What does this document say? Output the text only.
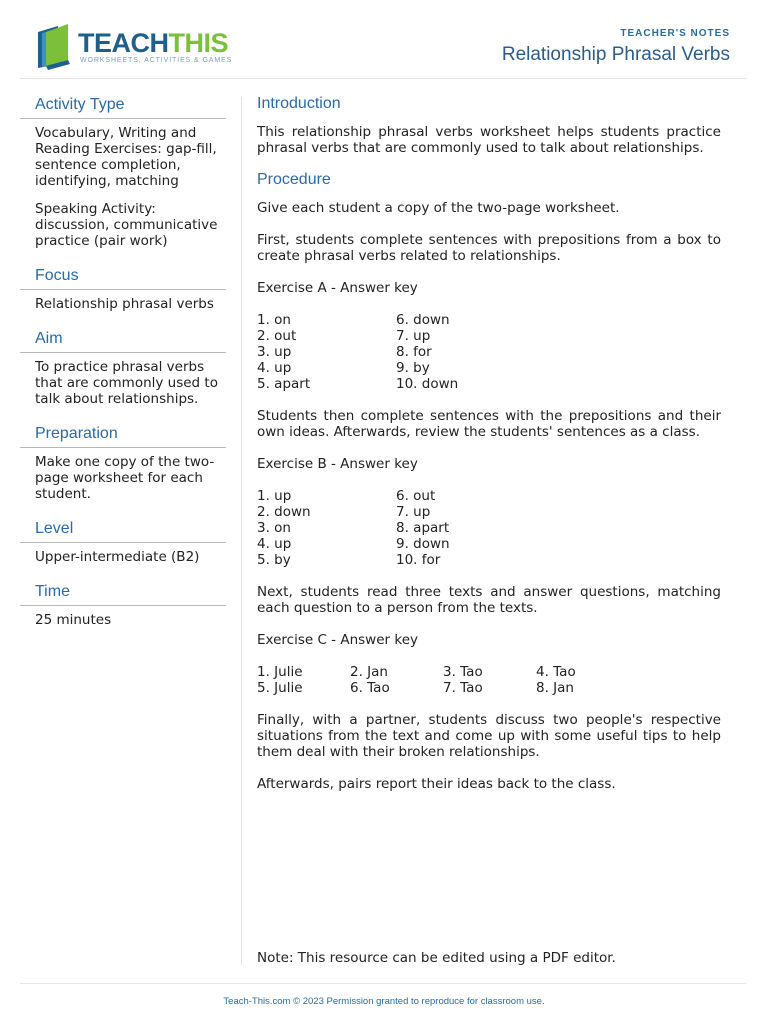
TEACHTHIS
WORKSHEETS, ACTIVITIES & GAMES
TEACHER'S NOTES
Relationship Phrasal Verbs
Activity Type

Vocabulary, Writing and Reading Exercises: gap-fill, sentence completion, identifying, matching

Speaking Activity: discussion, communicative practice (pair work)

Focus

Relationship phrasal verbs

Aim

To practice phrasal verbs that are commonly used to talk about relationships.

Preparation

Make one copy of the two-page worksheet for each student.

Level

Upper-intermediate (B2)

Time

25 minutes

Introduction

This relationship phrasal verbs worksheet helps students practice phrasal verbs that are commonly used to talk about relationships.

Procedure

Give each student a copy of the two-page worksheet.

First, students complete sentences with prepositions from a box to create phrasal verbs related to relationships.

Exercise A - Answer key

1. on	6. down
2. out	7. up
3. up	8. for
4. up	9. by
5. apart	10. down

Students then complete sentences with the prepositions and their own ideas. Afterwards, review the students' sentences as a class.

Exercise B - Answer key

1. up	6. out
2. down	7. up
3. on	8. apart
4. up	9. down
5. by	10. for

Next, students read three texts and answer questions, matching each question to a person from the texts.

Exercise C - Answer key

1. Julie	2. Jan	3. Tao	4. Tao
5. Julie	6. Tao	7. Tao	8. Jan

Finally, with a partner, students discuss two people's respective situations from the text and come up with some useful tips to help them deal with their broken relationships.

Afterwards, pairs report their ideas back to the class.

Note: This resource can be edited using a PDF editor.
Teach-This.com © 2023 Permission granted to reproduce for classroom use.
